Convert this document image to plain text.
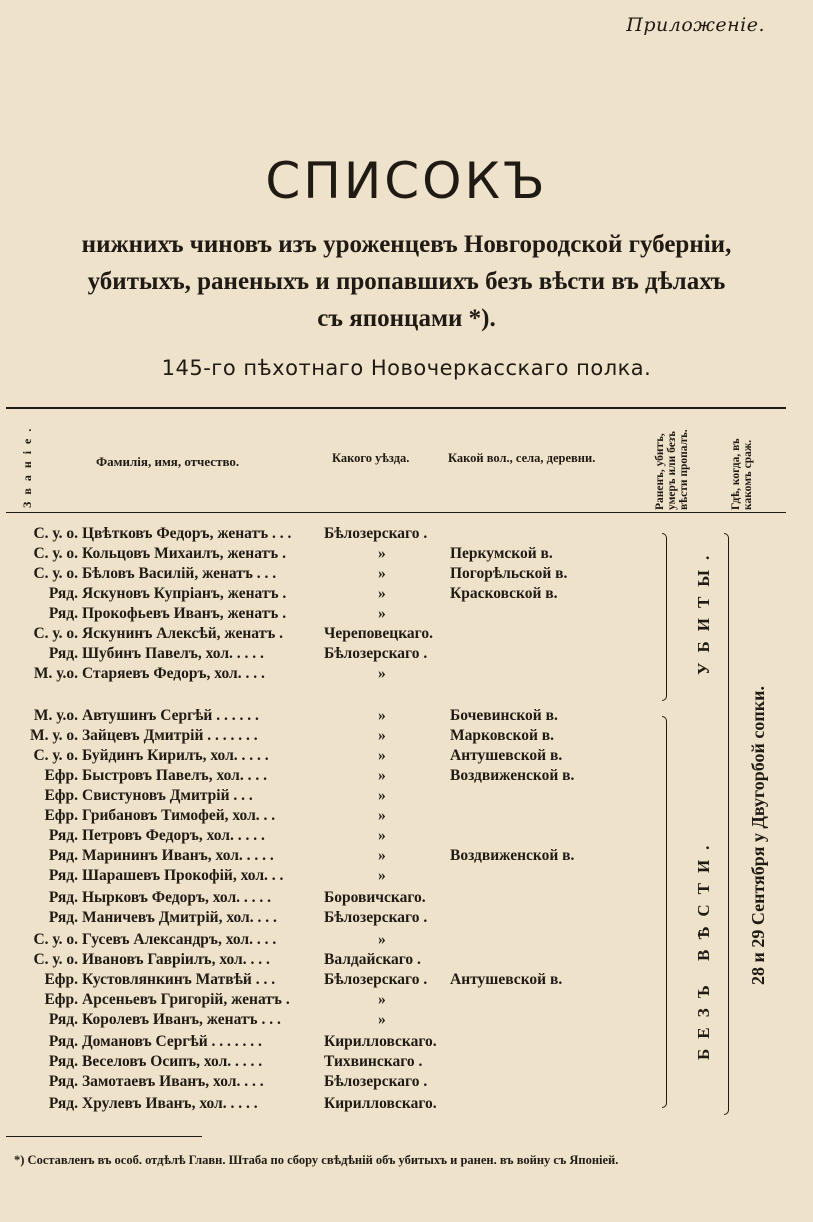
Приложеніе.
СПИСОКЪ
нижнихъ чиновъ изъ уроженцевъ Новгородской губерніи,
убитыхъ, раненыхъ и пропавшихъ безъ вѣсти въ дѣлахъ
съ японцами *).
145-го пѣхотнаго Новочеркасскаго полка.
Званіе.	Фамилія, имя, отчество.	Какого уѣзда.	Какой вол., села, деревни.
Раненъ, убитъ,
умеръ или безъ
вѣсти пропалъ.
Гдѣ, когда, въ
какомъ сраж.
С. у. о. Цвѣтковъ Федоръ, женатъ . . .	Бѣлозерскаго .
С. у. о. Кольцовъ Михаилъ, женатъ .	»	Перкумской в.
С. у. о. Бѣловъ Василій, женатъ . . .	»	Погорѣльской в.
Ряд. Яскуновъ Купріанъ, женатъ .	»	Красковской в.
Ряд. Прокофьевъ Иванъ, женатъ .	»
С. у. о. Яскунинъ Алексѣй, женатъ .	Череповецкаго.
Ряд. Шубинъ Павелъ, хол. . . . .	Бѣлозерскаго .
М. у.о. Старяевъ Федоръ, хол. . . .	»
М. у.о. Автушинъ Сергѣй . . . . . .	»	Бочевинской в.
М. у. о. Зайцевъ Дмитрій . . . . . . .	»	Марковской в.
С. у. о. Буйдинъ Кирилъ, хол. . . . .	»	Антушевской в.
Ефр. Быстровъ Павелъ, хол. . . .	»	Воздвиженской в.
Ефр. Свистуновъ Дмитрій . . .	»
Ефр. Грибановъ Тимофей, хол. . .	»
Ряд. Петровъ Федоръ, хол. . . . .	»
Ряд. Марининъ Иванъ, хол. . . . .	»	Воздвиженской в.
Ряд. Шарашевъ Прокофій, хол. . .	»
Ряд. Нырковъ Федоръ, хол. . . . .	Боровичскаго.
Ряд. Маничевъ Дмитрій, хол. . . .	Бѣлозерскаго .
С. у. о. Гусевъ Александръ, хол. . . .	»
С. у. о. Ивановъ Гавріилъ, хол. . . .	Валдайскаго .
Ефр. Кустовлянкинъ Матвѣй . . .	Бѣлозерскаго . Антушевской в.
Ефр. Арсеньевъ Григорій, женатъ .	»
Ряд. Королевъ Иванъ, женатъ . . .	»
Ряд. Домановъ Сергѣй . . . . . . .	Кирилловскаго.
Ряд. Веселовъ Осипъ, хол. . . . .	Тихвинскаго .
Ряд. Замотаевъ Иванъ, хол. . . .	Бѣлозерскаго .
Ряд. Хрулевъ Иванъ, хол. . . . .	Кирилловскаго.
УБИТЫ.
БЕЗЪ ВѢСТИ. 28 и 29 Сентября у Двугорбой сопки.
*) Составленъ въ особ. отдѣлѣ Главн. Штаба по сбору свѣдѣній объ убитыхъ и ранен. въ войну съ Японіей.
